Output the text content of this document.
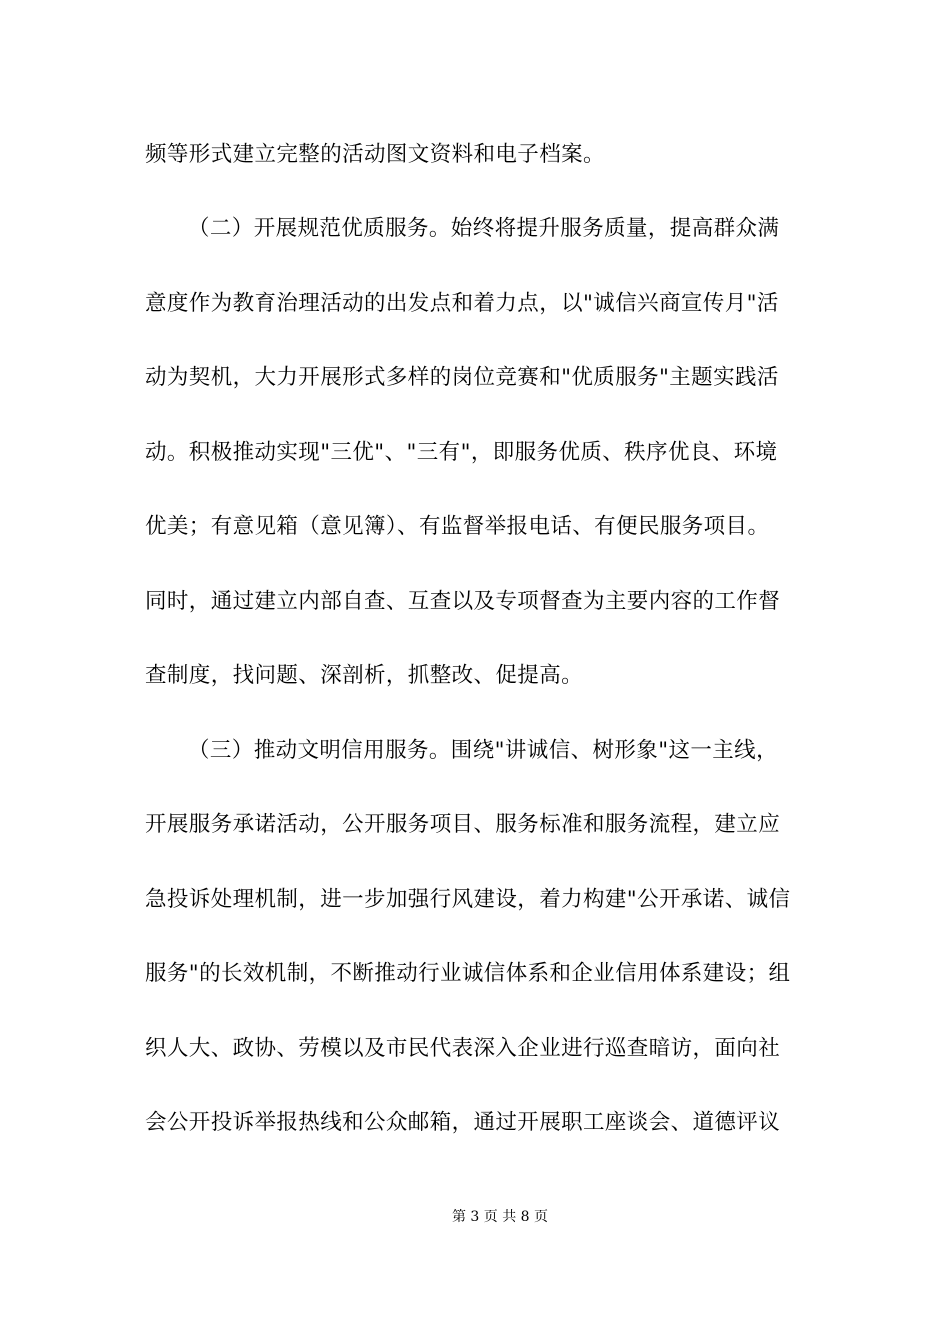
频等形式建立完整的活动图文资料和电子档案。
（二）开展规范优质服务。始终将提升服务质量，提高群众满
意度作为教育治理活动的出发点和着力点，以"诚信兴商宣传月"活
动为契机，大力开展形式多样的岗位竞赛和"优质服务"主题实践活
动。积极推动实现"三优"、"三有"，即服务优质、秩序优良、环境
优美；有意见箱（意见簿）、有监督举报电话、有便民服务项目。
同时，通过建立内部自查、互查以及专项督查为主要内容的工作督
查制度，找问题、深剖析，抓整改、促提高。
（三）推动文明信用服务。围绕"讲诚信、树形象"这一主线，
开展服务承诺活动，公开服务项目、服务标准和服务流程，建立应
急投诉处理机制，进一步加强行风建设，着力构建"公开承诺、诚信
服务"的长效机制，不断推动行业诚信体系和企业信用体系建设；组
织人大、政协、劳模以及市民代表深入企业进行巡查暗访，面向社
会公开投诉举报热线和公众邮箱，通过开展职工座谈会、道德评议
第 3 页 共 8 页
